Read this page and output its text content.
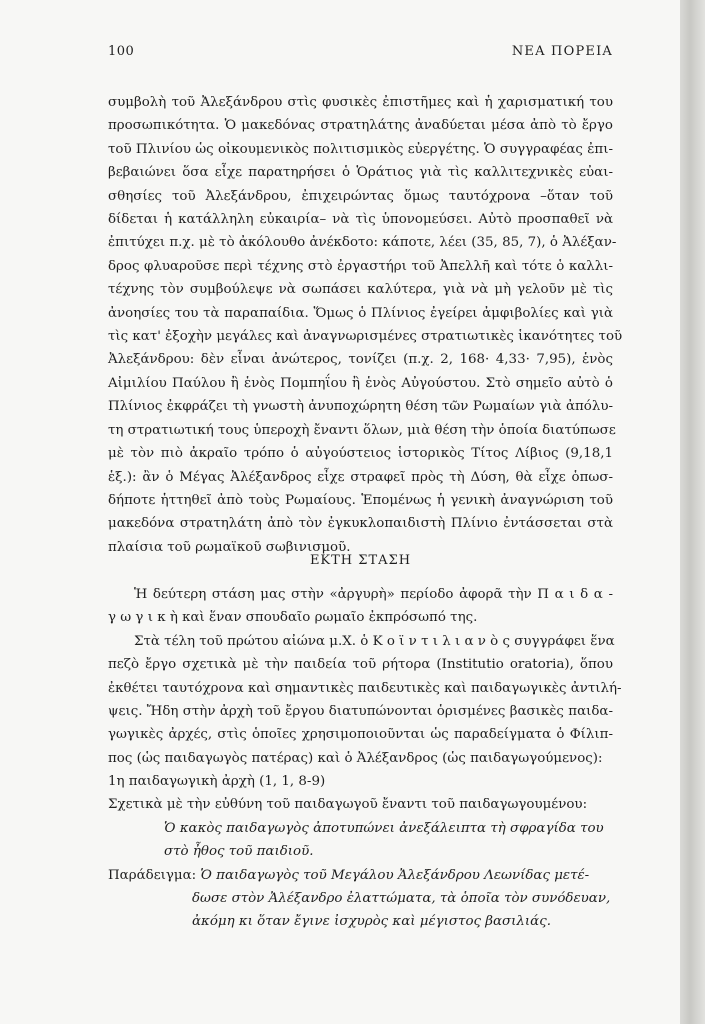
100	ΝΕΑ ΠΟΡΕΙΑ
συμβολὴ τοῦ Ἀλεξάνδρου στὶς φυσικὲς ἐπιστῆμες καὶ ἡ χαρισματική του
προσωπικότητα. Ὁ μακεδόνας στρατηλάτης ἀναδύεται μέσα ἀπὸ τὸ ἔργο
τοῦ Πλινίου ὡς οἰκουμενικὸς πολιτισμικὸς εὐεργέτης. Ὁ συγγραφέας ἐπι-
βεβαιώνει ὅσα εἶχε παρατηρήσει ὁ Ὁράτιος γιὰ τὶς καλλιτεχνικὲς εὐαι-
σθησίες τοῦ Ἀλεξάνδρου, ἐπιχειρώντας ὅμως ταυτόχρονα –ὅταν τοῦ
δίδεται ἡ κατάλληλη εὐκαιρία– νὰ τὶς ὑπονομεύσει. Αὐτὸ προσπαθεῖ νὰ
ἐπιτύχει π.χ. μὲ τὸ ἀκόλουθο ἀνέκδοτο: κάποτε, λέει (35, 85, 7), ὁ Ἀλέξαν-
δρος φλυαροῦσε περὶ τέχνης στὸ ἐργαστήρι τοῦ Ἀπελλῆ καὶ τότε ὁ καλλι-
τέχνης τὸν συμβούλεψε νὰ σωπάσει καλύτερα, γιὰ νὰ μὴ γελοῦν μὲ τὶς
ἀνοησίες του τὰ παραπαίδια. Ὅμως ὁ Πλίνιος ἐγείρει ἀμφιβολίες καὶ γιὰ
τὶς κατ' ἐξοχὴν μεγάλες καὶ ἀναγνωρισμένες στρατιωτικὲς ἱκανότητες τοῦ
Ἀλεξάνδρου: δὲν εἶναι ἀνώτερος, τονίζει (π.χ. 2, 168· 4,33· 7,95), ἑνὸς
Αἰμιλίου Παύλου ἢ ἑνὸς Πομπηΐου ἢ ἑνὸς Αὐγούστου. Στὸ σημεῖο αὐτὸ ὁ
Πλίνιος ἐκφράζει τὴ γνωστὴ ἀνυποχώρητη θέση τῶν Ρωμαίων γιὰ ἀπόλυ-
τη στρατιωτική τους ὑπεροχὴ ἔναντι ὅλων, μιὰ θέση τὴν ὁποία διατύπωσε
μὲ τὸν πιὸ ἀκραῖο τρόπο ὁ αὐγούστειος ἱστορικὸς Τίτος Λίβιος (9,18,1
ἑξ.): ἂν ὁ Μέγας Ἀλέξανδρος εἶχε στραφεῖ πρὸς τὴ Δύση, θὰ εἶχε ὁπωσ-
δήποτε ἡττηθεῖ ἀπὸ τοὺς Ρωμαίους. Ἑπομένως ἡ γενικὴ ἀναγνώριση τοῦ
μακεδόνα στρατηλάτη ἀπὸ τὸν ἐγκυκλοπαιδιστὴ Πλίνιο ἐντάσσεται στὰ
πλαίσια τοῦ ρωμαϊκοῦ σωβινισμοῦ.
ΕΚΤΗ ΣΤΑΣΗ
Ἡ δεύτερη στάση μας στὴν «ἀργυρὴ» περίοδο ἀφορᾶ τὴν Π α ι δ α -
γ ω γ ι κ ὴ καὶ ἕναν σπουδαῖο ρωμαῖο ἐκπρόσωπό της.
Στὰ τέλη τοῦ πρώτου αἰώνα μ.Χ. ὁ Κ ο ϊ ν τ ι λ ι α ν ὸ ς συγγράφει ἕνα
πεζὸ ἔργο σχετικὰ μὲ τὴν παιδεία τοῦ ρήτορα (Institutio oratoria), ὅπου
ἐκθέτει ταυτόχρονα καὶ σημαντικὲς παιδευτικὲς καὶ παιδαγωγικὲς ἀντιλή-
ψεις. Ἤδη στὴν ἀρχὴ τοῦ ἔργου διατυπώνονται ὁρισμένες βασικὲς παιδα-
γωγικὲς ἀρχές, στὶς ὁποῖες χρησιμοποιοῦνται ὡς παραδείγματα ὁ Φίλιπ-
πος (ὡς παιδαγωγὸς πατέρας) καὶ ὁ Ἀλέξανδρος (ὡς παιδαγωγούμενος):
1η παιδαγωγικὴ ἀρχὴ (1, 1, 8-9)
Σχετικὰ μὲ τὴν εὐθύνη τοῦ παιδαγωγοῦ ἔναντι τοῦ παιδαγωγουμένου:
Ὁ κακὸς παιδαγωγὸς ἀποτυπώνει ἀνεξάλειπτα τὴ σφραγίδα του
στὸ ἦθος τοῦ παιδιοῦ.
Παράδειγμα: Ὁ παιδαγωγὸς τοῦ Μεγάλου Ἀλεξάνδρου Λεωνίδας μετέ-
δωσε στὸν Ἀλέξανδρο ἐλαττώματα, τὰ ὁποῖα τὸν συνόδευαν,
ἀκόμη κι ὅταν ἔγινε ἰσχυρὸς καὶ μέγιστος βασιλιάς.
